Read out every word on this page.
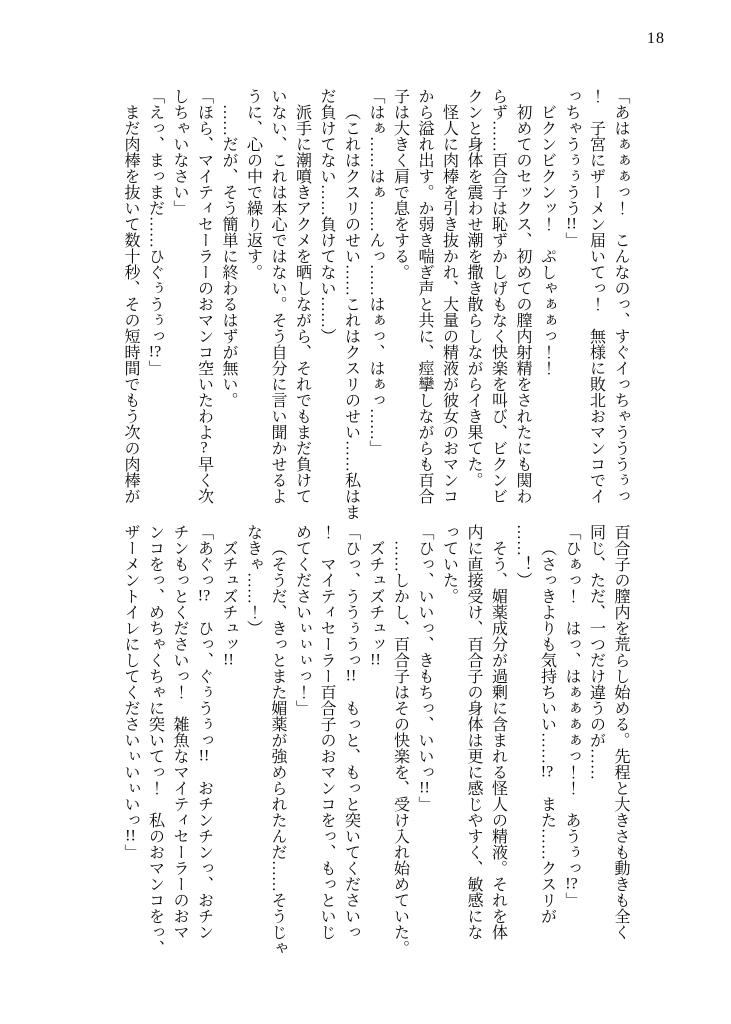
18
「あはぁぁぁっ！　こんなのっ、すぐイっちゃうううぅっ
！　子宮にザーメン届いてっ！　無様に敗北おマンコでイ
っちゃうぅぅうう!!」
ビクンビクンッ！　ぷしゃぁぁっ！！
初めてのセックス、初めての膣内射精をされたにも関わ
らず……百合子は恥ずかしげもなく快楽を叫び、ビクンビ
クンと身体を震わせ潮を撒き散らしながらイき果てた。
怪人に肉棒を引き抜かれ、大量の精液が彼女のおマンコ
から溢れ出す。か弱き喘ぎ声と共に、痙攣しながらも百合
子は大きく肩で息をする。
「はぁ……はぁ……んっ……はぁっ、はぁっ……」
（これはクスリのせい……これはクスリのせい……私はま
だ負けてない……負けてない……）
派手に潮噴きアクメを晒しながら、それでもまだ負けて
いない、これは本心ではない。そう自分に言い聞かせるよ
うに、心の中で繰り返す。
……だが、そう簡単に終わるはずが無い。
「ほら、マイティセーラーのおマンコ空いたわよ?早く次
しちゃいなさい」
「えっ、まっまだ……ひぐぅうぅっ!?」
まだ肉棒を抜いて数十秒、その短時間でもう次の肉棒が
百合子の膣内を荒らし始める。先程と大きさも動きも全く
同じ、ただ、一つだけ違うのが……
「ひぁっ！　はっ、はぁぁぁぁっ！！　あうぅっ!?」
（さっきよりも気持ちいい……!?　また……クスリが
……！）
そう、媚薬成分が過剰に含まれる怪人の精液。それを体
内に直接受け、百合子の身体は更に感じやすく、敏感にな
っていた。
「ひっ、いいっ、きもちっ、いいっ!!」
……しかし、百合子はその快楽を、受け入れ始めていた。
ズチュズチュッ!!
「ひっ、ううぅうっ!!　もっと、もっと突いてくださいっ
！　マイティセーラー百合子のおマンコをっ、もっといじ
めてくださいぃぃぃっ！」
（そうだ、きっとまた媚薬が強められたんだ……そうじゃ
なきゃ……！）
ズチュズチュッ!!
「あぐっ!?　ひっ、ぐぅうぅっ!!　おチンチンっ、おチン
チンもっとくださいっ！　雑魚なマイティセーラーのおマ
ンコをっ、めちゃくちゃに突いてっ！　私のおマンコをっ、
ザーメントイレにしてくださいぃいぃいっ!!」
